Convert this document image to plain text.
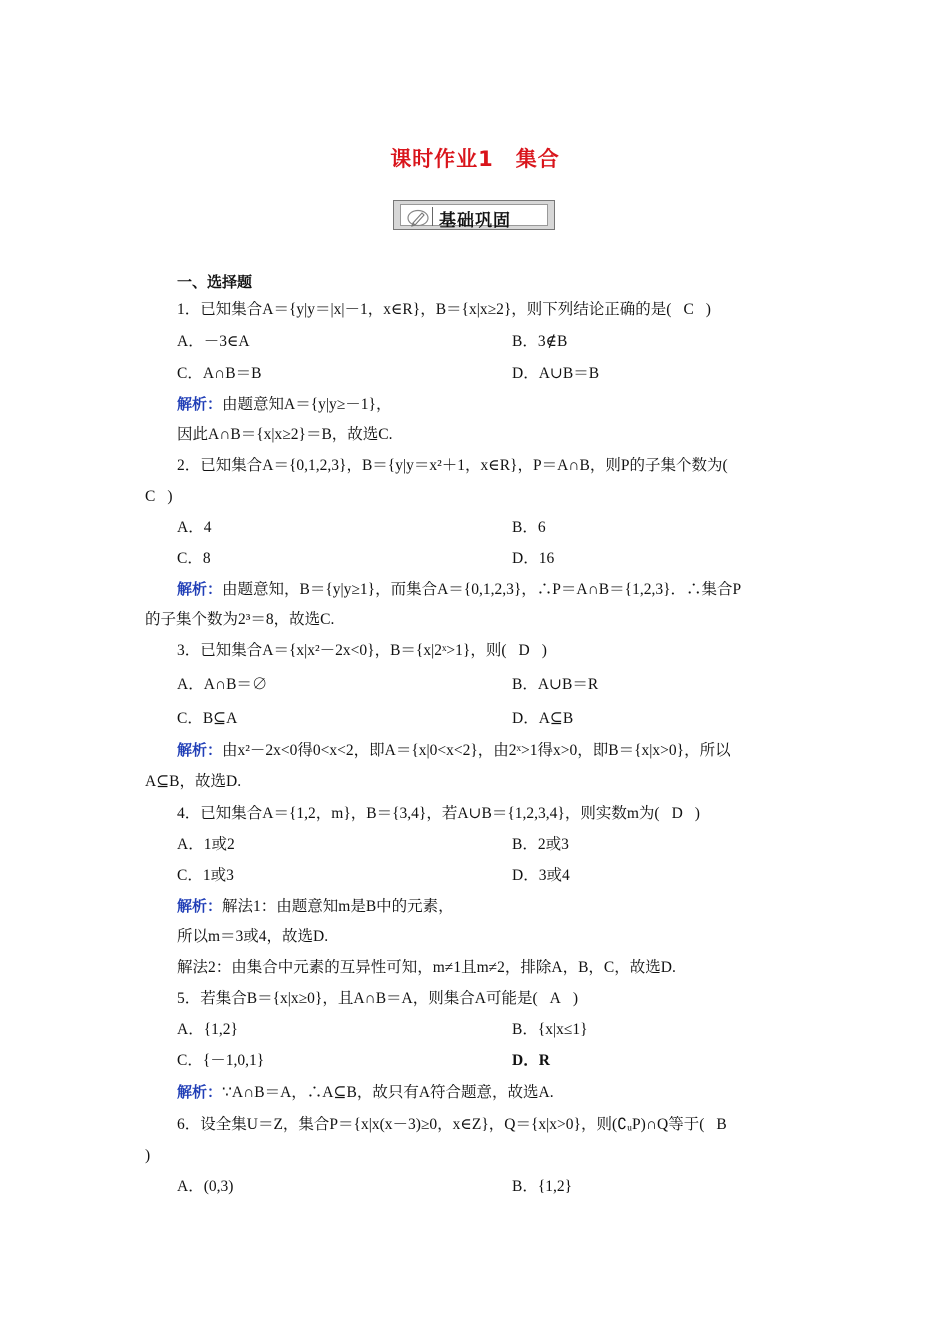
课时作业1　集合
基础巩固
一、选择题
1．已知集合A＝{y|y＝|x|－1，x∈R}，B＝{x|x≥2}，则下列结论正确的是( C )
A．－3∈A	B．3∉B
C．A∩B＝B	D．A∪B＝B
解析：由题意知A＝{y|y≥－1}，
因此A∩B＝{x|x≥2}＝B，故选C.
2．已知集合A＝{0,1,2,3}，B＝{y|y＝x²＋1，x∈R}，P＝A∩B，则P的子集个数为(
C )
A．4	B．6
C．8	D．16
解析：由题意知，B＝{y|y≥1}，而集合A＝{0,1,2,3}，∴P＝A∩B＝{1,2,3}．∴集合P
的子集个数为2³＝8，故选C.
3．已知集合A＝{x|x²－2x<0}，B＝{x|2ˣ>1}，则( D )
A．A∩B＝∅	B．A∪B＝R
C．B⊆A	D．A⊆B
解析：由x²－2x<0得0<x<2，即A＝{x|0<x<2}，由2ˣ>1得x>0，即B＝{x|x>0}，所以
A⊆B，故选D.
4．已知集合A＝{1,2，m}，B＝{3,4}，若A∪B＝{1,2,3,4}，则实数m为( D )
A．1或2	B．2或3
C．1或3	D．3或4
解析：解法1：由题意知m是B中的元素，
所以m＝3或4，故选D.
解法2：由集合中元素的互异性可知，m≠1且m≠2，排除A，B，C，故选D.
5．若集合B＝{x|x≥0}，且A∩B＝A，则集合A可能是( A )
A．{1,2}	B．{x|x≤1}
C．{－1,0,1}	D．R
解析：∵A∩B＝A，∴A⊆B，故只有A符合题意，故选A.
6．设全集U＝Z，集合P＝{x|x(x－3)≥0，x∈Z}，Q＝{x|x>0}，则(∁ᵤP)∩Q等于( B
)
A．(0,3)	B．{1,2}
